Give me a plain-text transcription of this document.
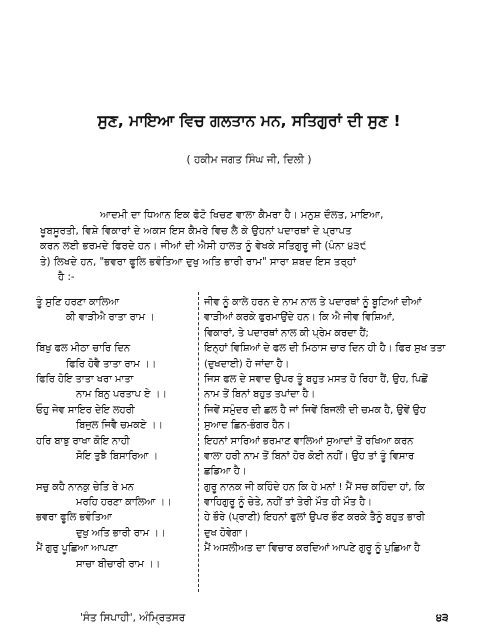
ਸੁਣ, ਮਾਇਆ ਵਿਚ ਗਲਤਾਨ ਮਨ, ਸਤਿਗੁਰਾਂ ਦੀ ਸੁਣ !
( ਹਕੀਮ ਜਗਤ ਸਿੰਘ ਜੀ, ਦਿਲੀ )
ਆਦਮੀ ਦਾ ਧਿਆਨ ਇਕ ਫੋਟੋ ਖਿਚਣ ਵਾਲਾ ਕੈਮਰਾ ਹੈ। ਮਨੁਸ਼ ਦੌਲਤ, ਮਾਇਆ,
ਖੂਬਸੂਰਤੀ, ਵਿਸ਼ੇ ਵਿਕਾਰਾਂ ਦੇ ਅਕਸ ਇਸ ਕੈਮਰੇ ਵਿਚ ਲੈ ਕੇ ਉਹਨਾਂ ਪਦਾਰਥਾਂ ਦੇ ਪ੍ਰਾਪਤ
ਕਰਨ ਲਈ ਭਰਮਦੇ ਫਿਰਦੇ ਹਨ। ਜੀਆਂ ਦੀ ਐਸੀ ਹਾਲਤ ਨੂੰ ਵੇਖਕੇ ਸਤਿਗੁਰੂ ਜੀ (ਪੰਨਾ ੪੩੯
ਤੇ) ਲਿਖਦੇ ਹਨ, "ਭਵਰਾ ਫੂਲਿ ਭਵੰਤਿਆ ਦੁਖੁ ਅਤਿ ਭਾਰੀ ਰਾਮ" ਸਾਰਾ ਸ਼ਬਦ ਇਸ ਤਰ੍ਹਾਂ
ਹੈ :-
ਤੂੰ ਸੁਣਿ ਹਰਣਾ ਕਾਲਿਆ
ਕੀ ਵਾੜੀਐ ਰਾਤਾ ਰਾਮ ।
ਬਿਖੁ ਫਲ ਮੀਠਾ ਚਾਰਿ ਦਿਨ
ਫਿਰਿ ਹੋਵੈ ਤਾਤਾ ਰਾਮ ।।
ਫਿਰਿ ਹੋਇ ਤਾਤਾ ਖਰਾ ਮਾਤਾ
ਨਾਮ ਬਿਨੁ ਪਰਤਾਪ ਏ ।।
ਓਹੁ ਜੇਵ ਸਾਇਰ ਦੇਇ ਲਹਰੀ
ਬਿਜੁਲ ਜਿਵੈ ਚਮਕਏ ।।
ਹਰਿ ਬਾਝੁ ਰਾਖਾ ਕੋਇ ਨਾਹੀ
ਸੋਇ ਤੁਝੈ ਬਿਸਾਰਿਆ ।
ਸਚੁ ਕਹੈ ਨਾਨਕੁ ਚੇਤਿ ਰੇ ਮਨ
ਮਰਹਿ ਹਰਣਾ ਕਾਲਿਆ ।।
ਭਵਰਾ ਫੂਲਿ ਭਵੰਤਿਆ
ਦੁਖੁ ਅਤਿ ਭਾਰੀ ਰਾਮ ।।
ਮੈਂ ਗੁਰੁ ਪੂਛਿਆ ਆਪਣਾ
ਸਾਚਾ ਬੀਚਾਰੀ ਰਾਮ ।।
ਜੀਵ ਨੂੰ ਕਾਲੇ ਹਰਨ ਦੇ ਨਾਮ ਨਾਲ ਤੇ ਪਦਾਰਥਾਂ ਨੂੰ ਬੂਟਿਆਂ ਦੀਆਂ
ਵਾੜੀਆਂ ਕਰਕੇ ਫੁਰਮਾਉਂਦੇ ਹਨ। ਕਿ ਐ ਜੀਵ ਵਿਸ਼ਿਆਂ,
ਵਿਕਾਰਾਂ, ਤੇ ਪਦਾਰਥਾਂ ਨਾਲ ਕੀ ਪ੍ਰੇਮ ਕਰਦਾ ਹੈਂ;
ਇਨ੍ਹਾਂ ਵਿਸ਼ਿਆਂ ਦੇ ਫਲ ਦੀ ਮਿਠਾਸ ਚਾਰ ਦਿਨ ਹੀ ਹੈ। ਫਿਰ ਸੁਖ ਤਤਾ
(ਦੁਖਦਾਈ) ਹੋ ਜਾਂਦਾ ਹੈ।
ਜਿਸ ਫਲ ਦੇ ਸਵਾਦ ਉਪਰ ਤੂੰ ਬਹੁਤ ਮਸਤ ਹੋ ਰਿਹਾ ਹੈਂ, ਉਹ, ਪਿਛੋਂ
ਨਾਮ ਤੋਂ ਬਿਨਾਂ ਬਹੁਤ ਤਪਾਂਦਾ ਹੈ।
ਜਿਵੇਂ ਸਮੁੰਦਰ ਦੀ ਛਲ ਹੈ ਜਾਂ ਜਿਵੇਂ ਬਿਜਲੀ ਦੀ ਚਮਕ ਹੈ, ਉਵੇਂ ਉਹ
ਸੁਆਦ ਛਿਨ-ਭੰਗਰ ਹੈਨ।
ਇਹਨਾਂ ਸਾਰਿਆਂ ਭਰਮਾਣ ਵਾਲਿਆਂ ਸੁਆਦਾਂ ਤੋਂ ਰਖਿਆ ਕਰਨ
ਵਾਲਾ ਹਰੀ ਨਾਮ ਤੋਂ ਬਿਨਾਂ ਹੋਰ ਕੋਈ ਨਹੀਂ। ਉਹ ਤਾਂ ਤੂੰ ਵਿਸਾਰ
ਛਡਿਆ ਹੈ।
ਗੁਰੂ ਨਾਨਕ ਜੀ ਕਹਿੰਦੇ ਹਨ ਕਿ ਹੇ ਮਨਾਂ ! ਮੈਂ ਸਚ ਕਹਿੰਦਾ ਹਾਂ, ਕਿ
ਵਾਹਿਗੁਰੂ ਨੂੰ ਚੇਤੇ, ਨਹੀਂ ਤਾਂ ਤੇਰੀ ਮੌਤ ਹੀ ਮੌਤ ਹੈ।
ਹੇ ਭੌਰੇ (ਪ੍ਰਾਣੀ) ਇਹਨਾਂ ਫੁਲਾਂ ਉਪਰ ਭੌਣ ਕਰਕੇ ਤੈਨੂੰ ਬਹੁਤ ਭਾਰੀ
ਦੁਖ ਹੋਵੇਗਾ।
ਮੈਂ ਅਸਲੀਅਤ ਦਾ ਵਿਚਾਰ ਕਰਦਿਆਂ ਆਪਣੇ ਗੁਰੂ ਨੂੰ ਪੁਛਿਆ ਹੈ
'ਸੰਤ ਸਿਪਾਹੀ', ਅੰਮ੍ਰਿਤਸਰ	੪੩
